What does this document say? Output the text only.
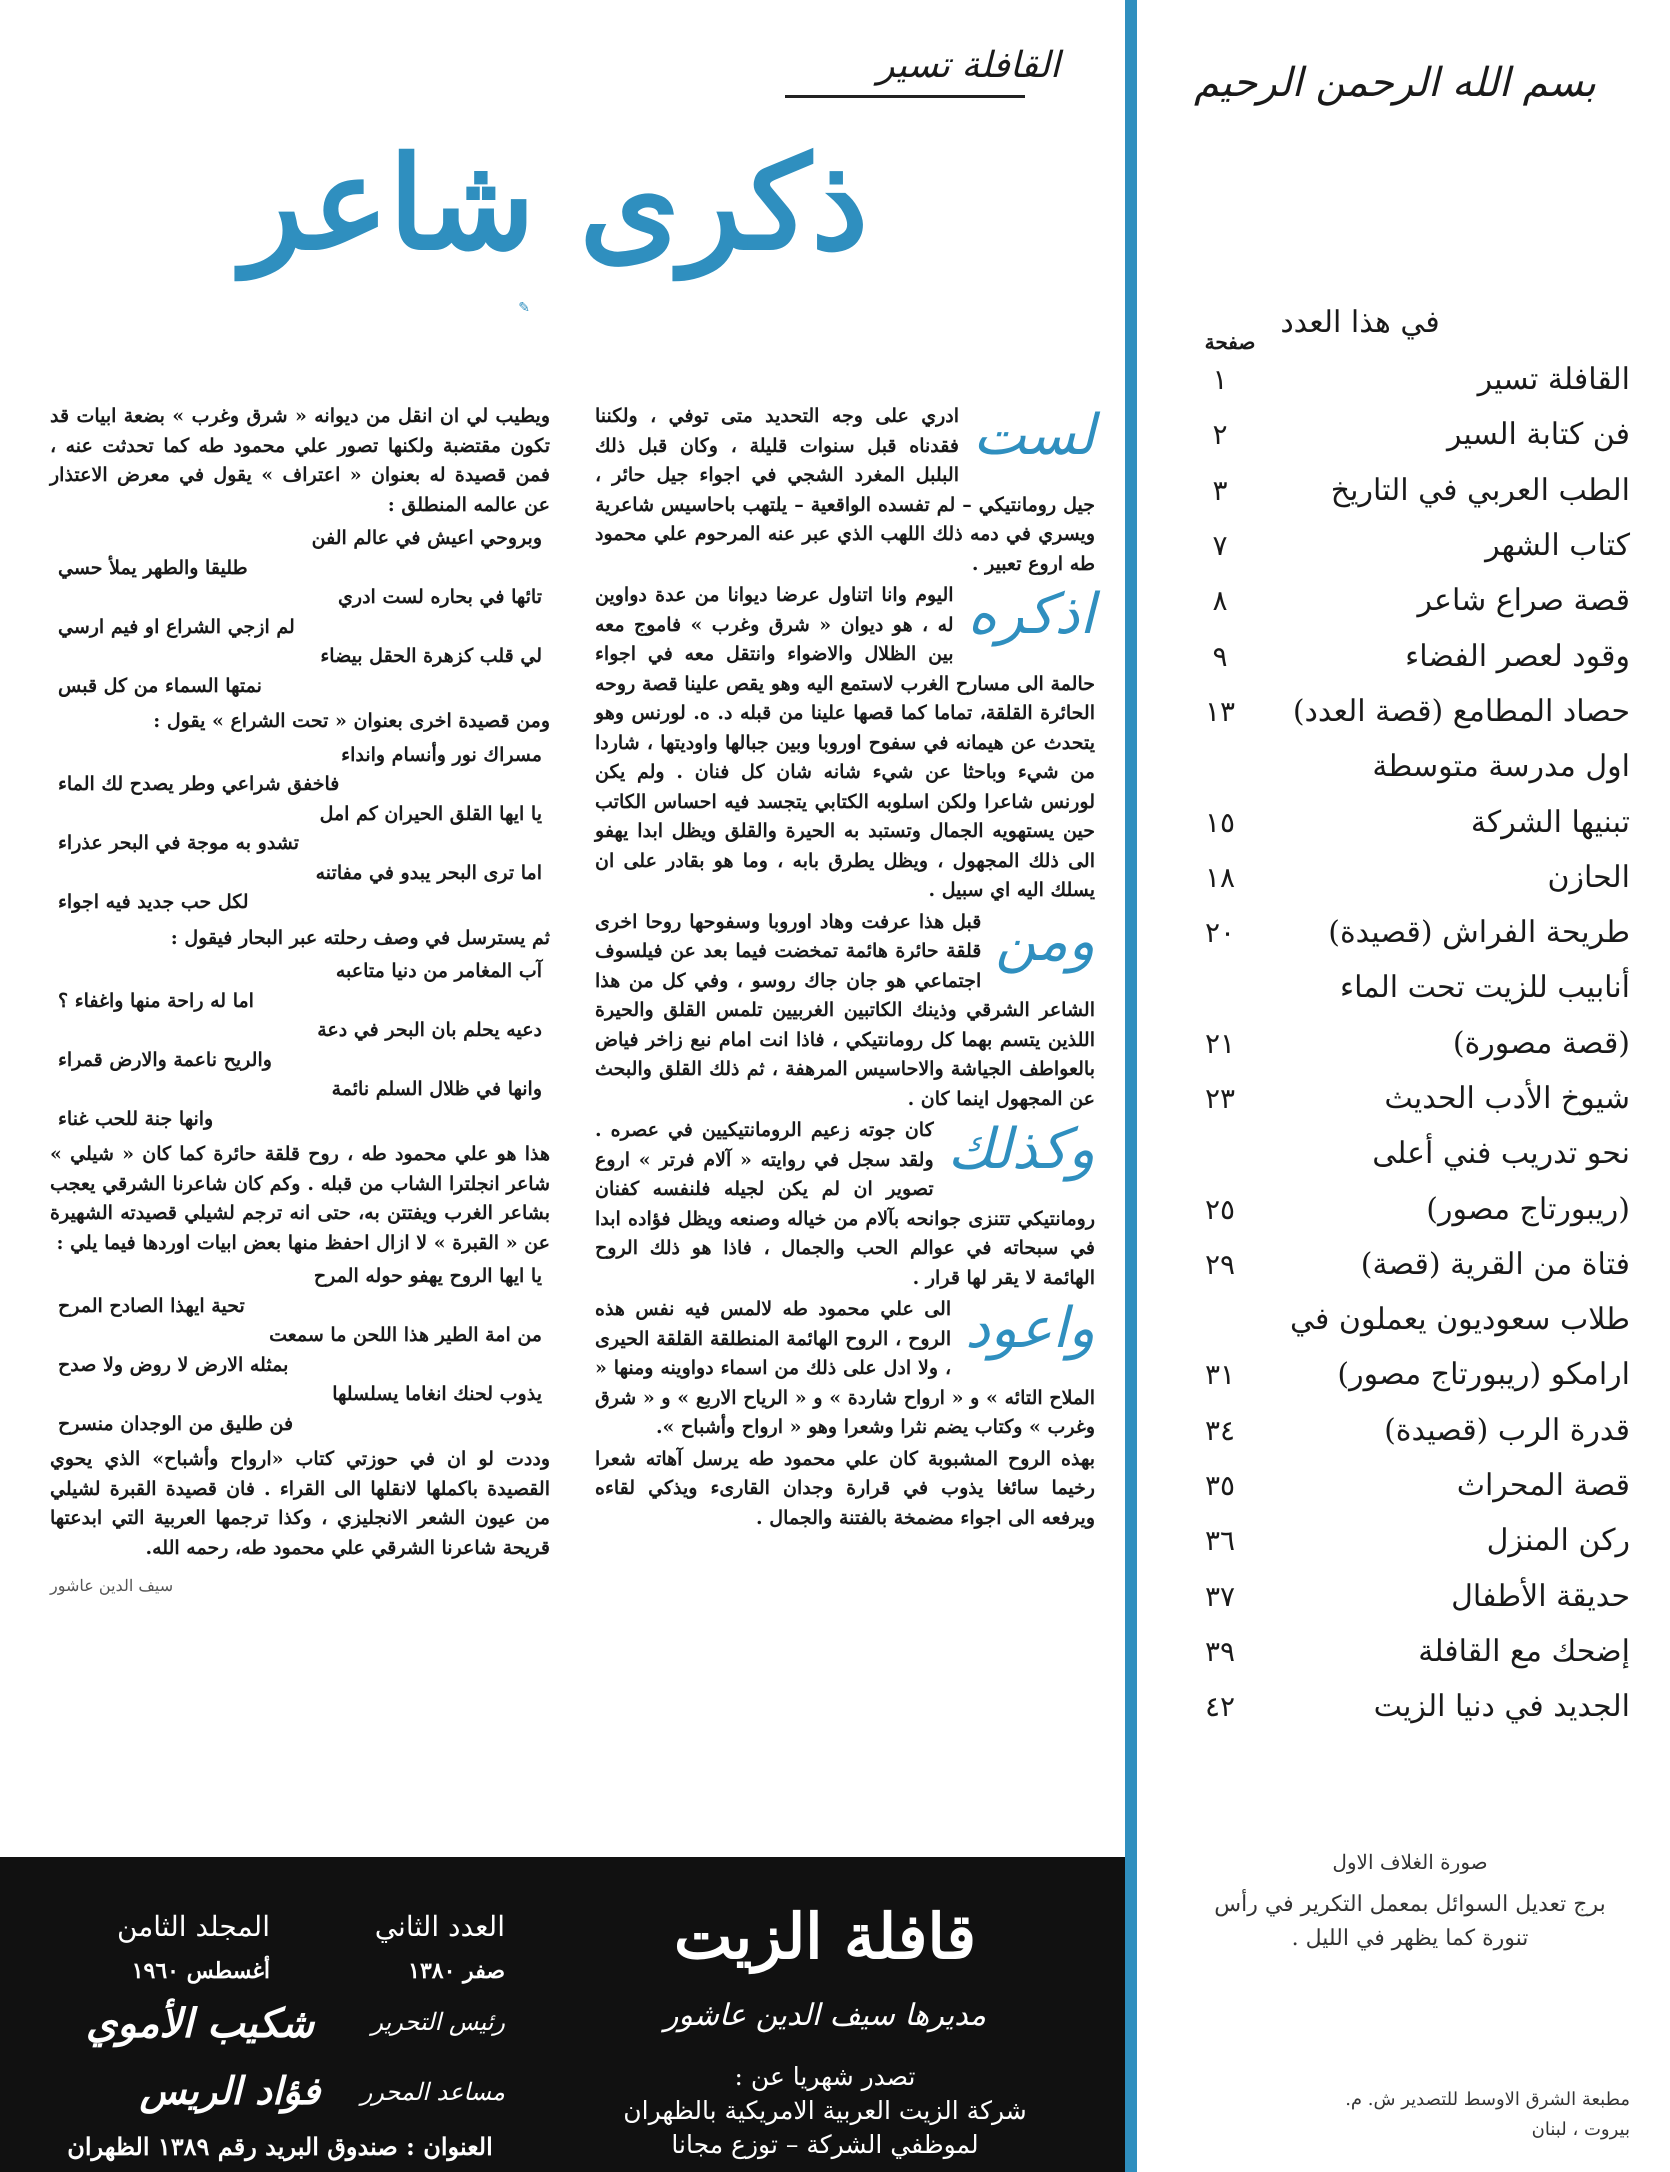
بسم الله الرحمن الرحيم
في هذا العدد
صفحة
القافلة تسير
١
فن كتابة السير
٢
الطب العربي في التاريخ
٣
كتاب الشهر
٧
قصة صراع شاعر
٨
وقود لعصر الفضاء
٩
حصاد المطامع (قصة العدد)
١٣
اول مدرسة متوسطة
تبنيها الشركة
١٥
الحازن
١٨
طريحة الفراش (قصيدة)
٢٠
أنابيب للزيت تحت الماء
(قصة مصورة)
٢١
شيوخ الأدب الحديث
٢٣
نحو تدريب فني أعلى
(ريبورتاج مصور)
٢٥
فتاة من القرية (قصة)
٢٩
طلاب سعوديون يعملون في
ارامكو (ريبورتاج مصور)
٣١
قدرة الرب (قصيدة)
٣٤
قصة المحراث
٣٥
ركن المنزل
٣٦
حديقة الأطفال
٣٧
إضحك مع القافلة
٣٩
الجديد في دنيا الزيت
٤٢
صورة الغلاف الاول
برج تعديل السوائل بمعمل التكرير في رأس تنورة كما يظهر في الليل .
مطبعة الشرق الاوسط للتصدير ش. م.
بيروت ، لبنان
القافلة تسير
ذكرى شاعر
✎

لست
ادري على وجه التحديد متى توفي ، ولكننا فقدناه قبل سنوات قليلة ، وكان قبل ذلك البلبل المغرد الشجي في اجواء جيل حائر ، جيل رومانتيكي – لم تفسده الواقعية – يلتهب باحاسيس شاعرية ويسري في دمه ذلك اللهب الذي عبر عنه المرحوم علي محمود طه اروع تعبير .

اذكره
اليوم وانا اتناول عرضا ديوانا من عدة دواوين له ، هو ديوان « شرق وغرب » فاموج معه بين الظلال والاضواء وانتقل معه في اجواء حالمة الى مسارح الغرب لاستمع اليه وهو يقص علينا قصة روحه الحائرة القلقة، تماما كما قصها علينا من قبله د. ه. لورنس وهو يتحدث عن هيمانه في سفوح اوروبا وبين جبالها واوديتها ، شاردا من شيء وباحثا عن شيء شانه شان كل فنان . ولم يكن لورنس شاعرا ولكن اسلوبه الكتابي يتجسد فيه احساس الكاتب حين يستهويه الجمال وتستبد به الحيرة والقلق ويظل ابدا يهفو الى ذلك المجهول ، ويظل يطرق بابه ، وما هو بقادر على ان يسلك اليه اي سبيل .

ومن
قبل هذا عرفت وهاد اوروبا وسفوحها روحا اخرى قلقة حائرة هائمة تمخضت فيما بعد عن فيلسوف اجتماعي هو جان جاك روسو ، وفي كل من هذا الشاعر الشرقي وذينك الكاتبين الغربيين تلمس القلق والحيرة اللذين يتسم بهما كل رومانتيكي ، فاذا انت امام نبع زاخر فياض بالعواطف الجياشة والاحاسيس المرهفة ، ثم ذلك القلق والبحث عن المجهول اينما كان .

وكذلك
كان جوته زعيم الرومانتيكيين في عصره . ولقد سجل في روايته « آلام فرتر » اروع تصوير ان لم يكن لجيله فلنفسه كفنان رومانتيكي تتنزى جوانحه بآلام من خياله وصنعه ويظل فؤاده ابدا في سبحاته في عوالم الحب والجمال ، فاذا هو ذلك الروح الهائمة لا يقر لها قرار .

واعود
الى علي محمود طه لالمس فيه نفس هذه الروح ، الروح الهائمة المنطلقة القلقة الحيرى ، ولا ادل على ذلك من اسماء دواوينه ومنها « الملاح التائه » و « ارواح شاردة » و « الرياح الاربع » و « شرق وغرب » وكتاب يضم نثرا وشعرا وهو « ارواح وأشباح ».

بهذه الروح المشبوبة كان علي محمود طه يرسل آهاته شعرا رخيما سائغا يذوب في قرارة وجدان القارىء ويذكي لقاءه ويرفعه الى اجواء مضمخة بالفتنة والجمال .

ويطيب لي ان انقل من ديوانه « شرق وغرب » بضعة ابيات قد تكون مقتضبة ولكنها تصور علي محمود طه كما تحدثت عنه ، فمن قصيدة له بعنوان « اعتراف » يقول في معرض الاعتذار عن عالمه المنطلق :

وبروحي اعيش في عالم الفن
طليقا والطهر يملأ حسي
تائها في بحاره لست ادري
لم ازجي الشراع او فيم ارسي
لي قلب كزهرة الحقل بيضاء
نمتها السماء من كل قبس

ومن قصيدة اخرى بعنوان « تحت الشراع » يقول :

مسراك نور وأنسام وانداء
فاخفق شراعي وطر يصدح لك الماء
يا ايها القلق الحيران كم امل
تشدو به موجة في البحر عذراء
اما ترى البحر يبدو في مفاتنه
لكل حب جديد فيه اجواء

ثم يسترسل في وصف رحلته عبر البحار فيقول :

آب المغامر من دنيا متاعبه
اما له راحة منها واغفاء ؟
دعيه يحلم بان البحر في دعة
والريح ناعمة والارض قمراء
وانها في ظلال السلم نائمة
وانها جنة للحب غناء

هذا هو علي محمود طه ، روح قلقة حائرة كما كان « شيلي » شاعر انجلترا الشاب من قبله . وكم كان شاعرنا الشرقي يعجب بشاعر الغرب ويفتتن به، حتى انه ترجم لشيلي قصيدته الشهيرة عن « القبرة » لا ازال احفظ منها بعض ابيات اوردها فيما يلي :

يا ايها الروح يهفو حوله المرح
تحية ايهذا الصادح المرح
من امة الطير هذا اللحن ما سمعت
بمثله الارض لا روض ولا صدح
يذوب لحنك انغاما يسلسلها
فن طليق من الوجدان منسرح

وددت لو ان في حوزتي كتاب «ارواح وأشباح» الذي يحوي القصيدة باكملها لانقلها الى القراء . فان قصيدة القبرة لشيلي من عيون الشعر الانجليزي ، وكذا ترجمها العربية التي ابدعتها قريحة شاعرنا الشرقي علي محمود طه، رحمه الله.

سيف الدين عاشور
قافلة الزيت
مديرها سيف الدين عاشور
تصدر شهريا عن :
شركة الزيت العربية الامريكية بالظهران
لموظفي الشركة – توزع مجانا
العدد الثاني
المجلد الثامن
صفر ١٣٨٠
أغسطس ١٩٦٠
رئيس التحرير
شكيب الأموي
مساعد المحرر
فؤاد الريس
العنوان : صندوق البريد رقم ١٣٨٩ الظهران
